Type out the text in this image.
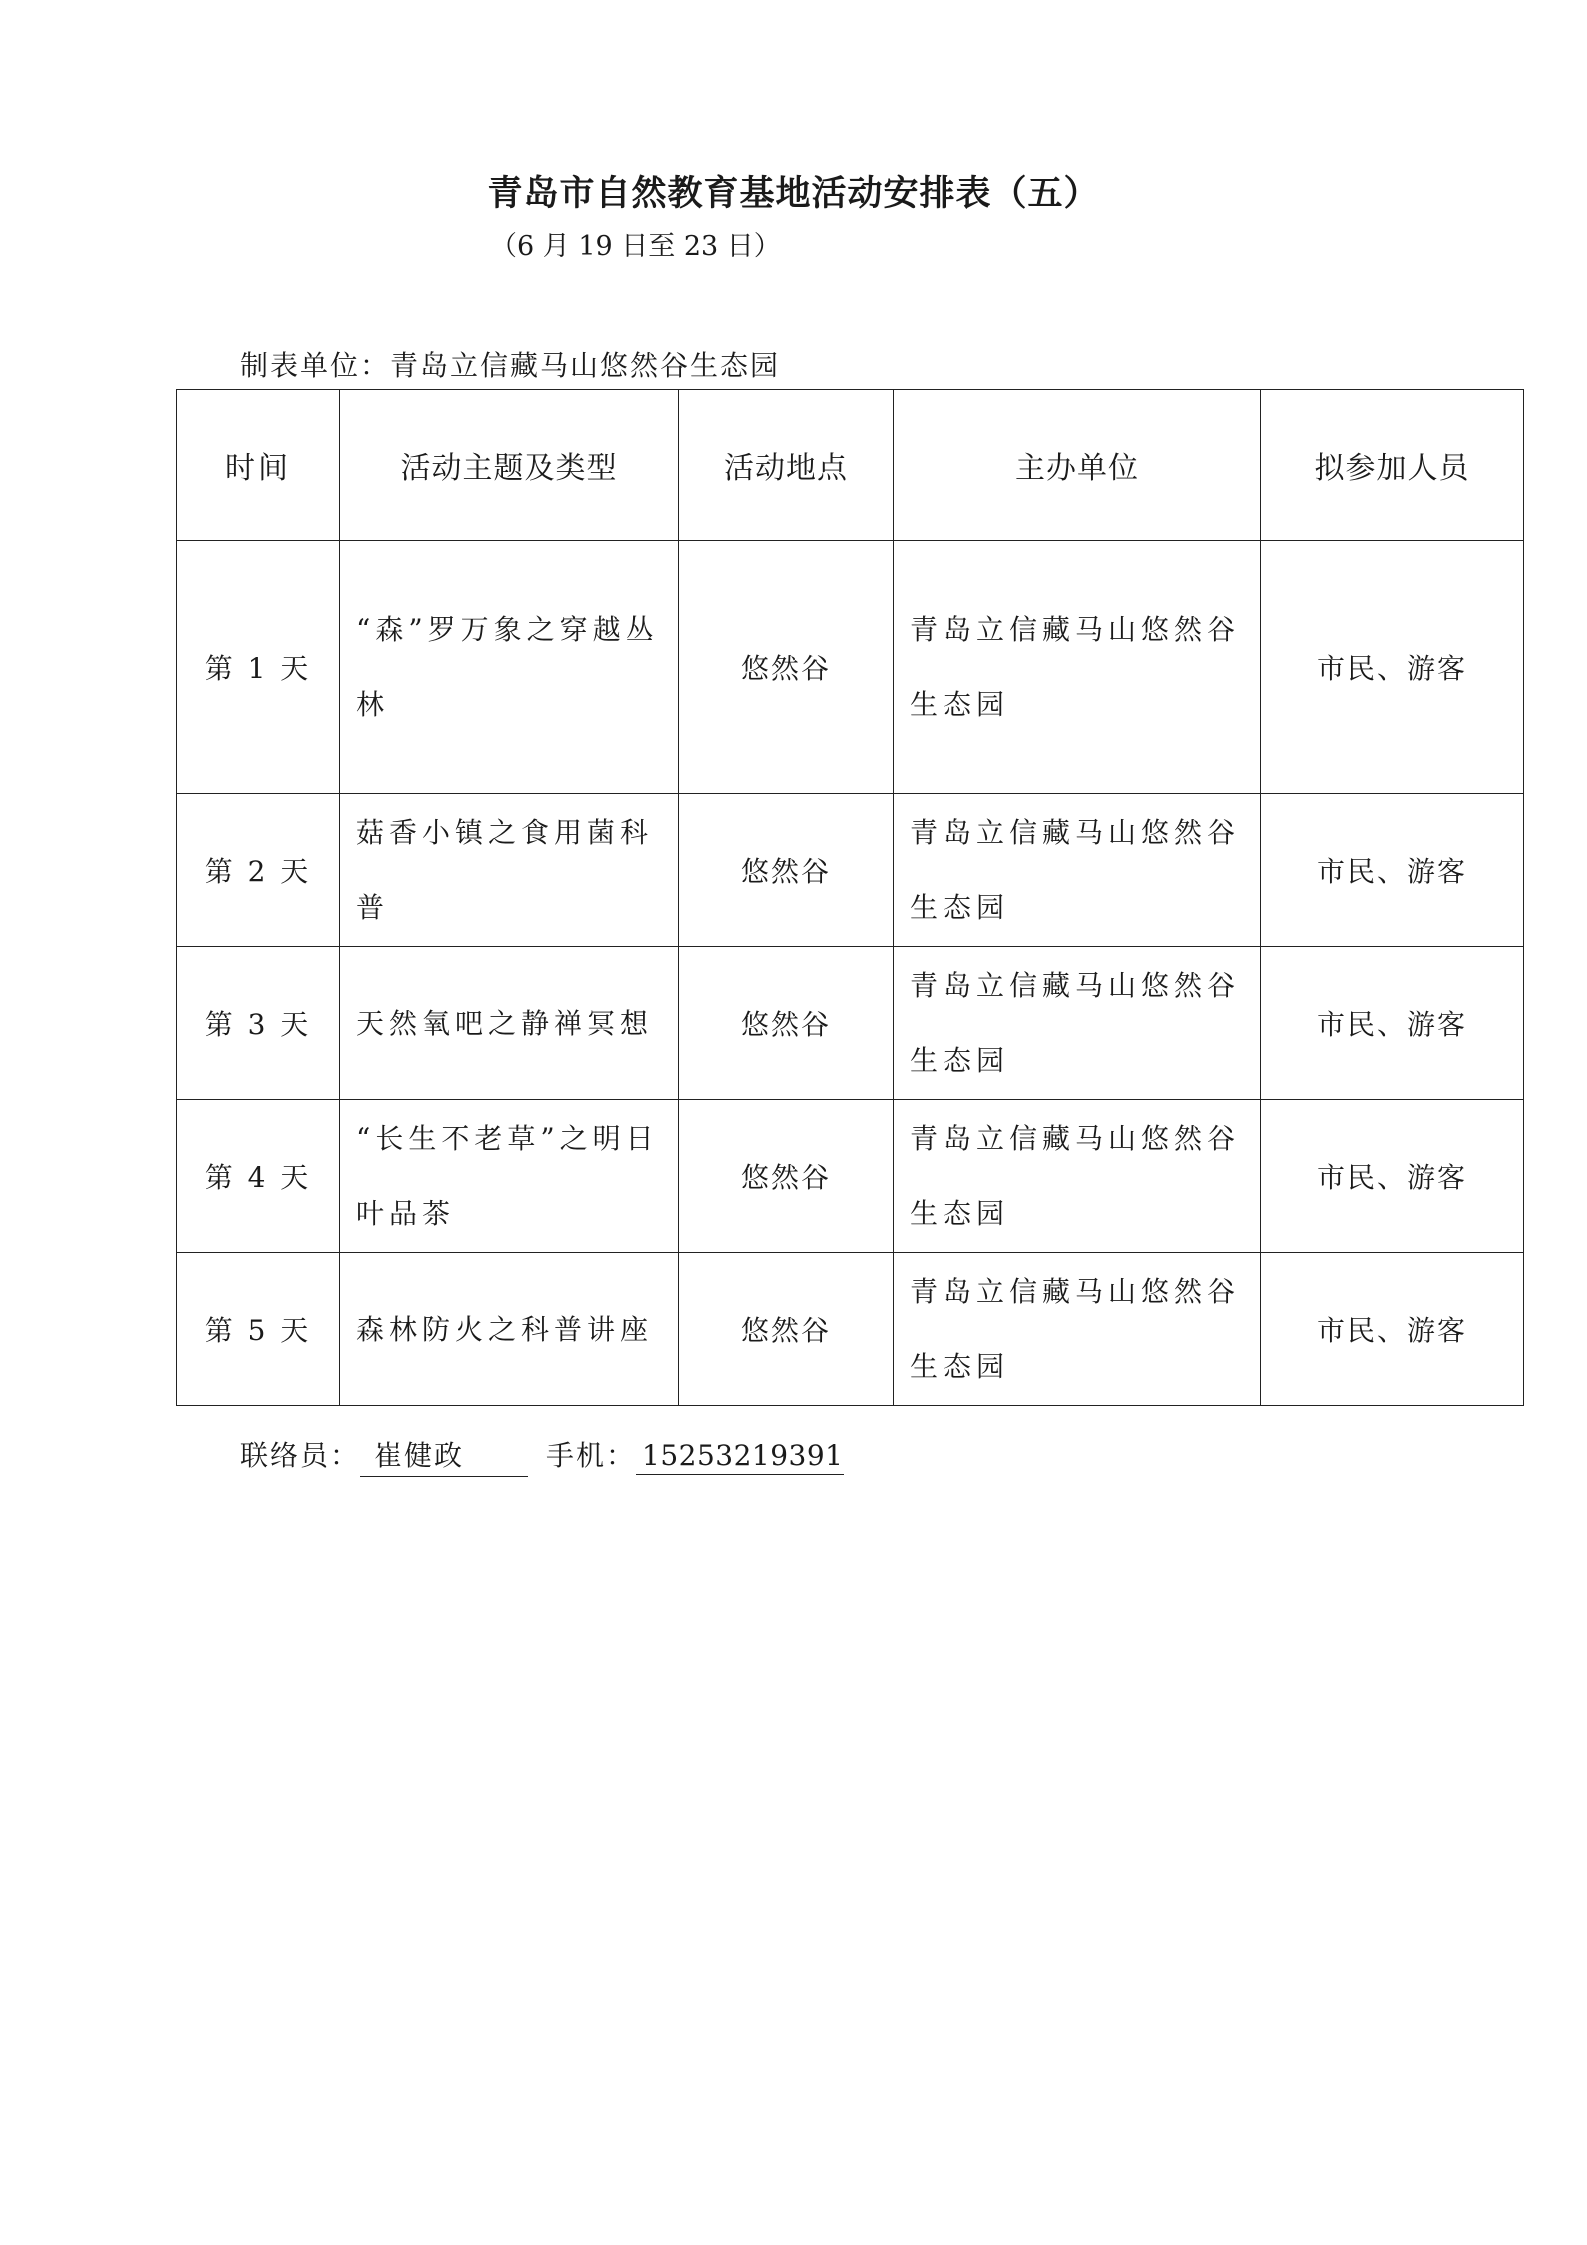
青岛市自然教育基地活动安排表（五）

（6 月 19 日至 23 日）

制表单位：青岛立信藏马山悠然谷生态园

时间	活动主题及类型	活动地点	主办单位	拟参加人员
第 1 天	“森”罗万象之穿越丛林	悠然谷	青岛立信藏马山悠然谷生态园	市民、游客
第 2 天	菇香小镇之食用菌科普	悠然谷	青岛立信藏马山悠然谷生态园	市民、游客
第 3 天	天然氧吧之静禅冥想	悠然谷	青岛立信藏马山悠然谷生态园	市民、游客
第 4 天	“长生不老草”之明日叶品茶	悠然谷	青岛立信藏马山悠然谷生态园	市民、游客
第 5 天	森林防火之科普讲座	悠然谷	青岛立信藏马山悠然谷生态园	市民、游客

联络员： 崔健政	手机： 15253219391
